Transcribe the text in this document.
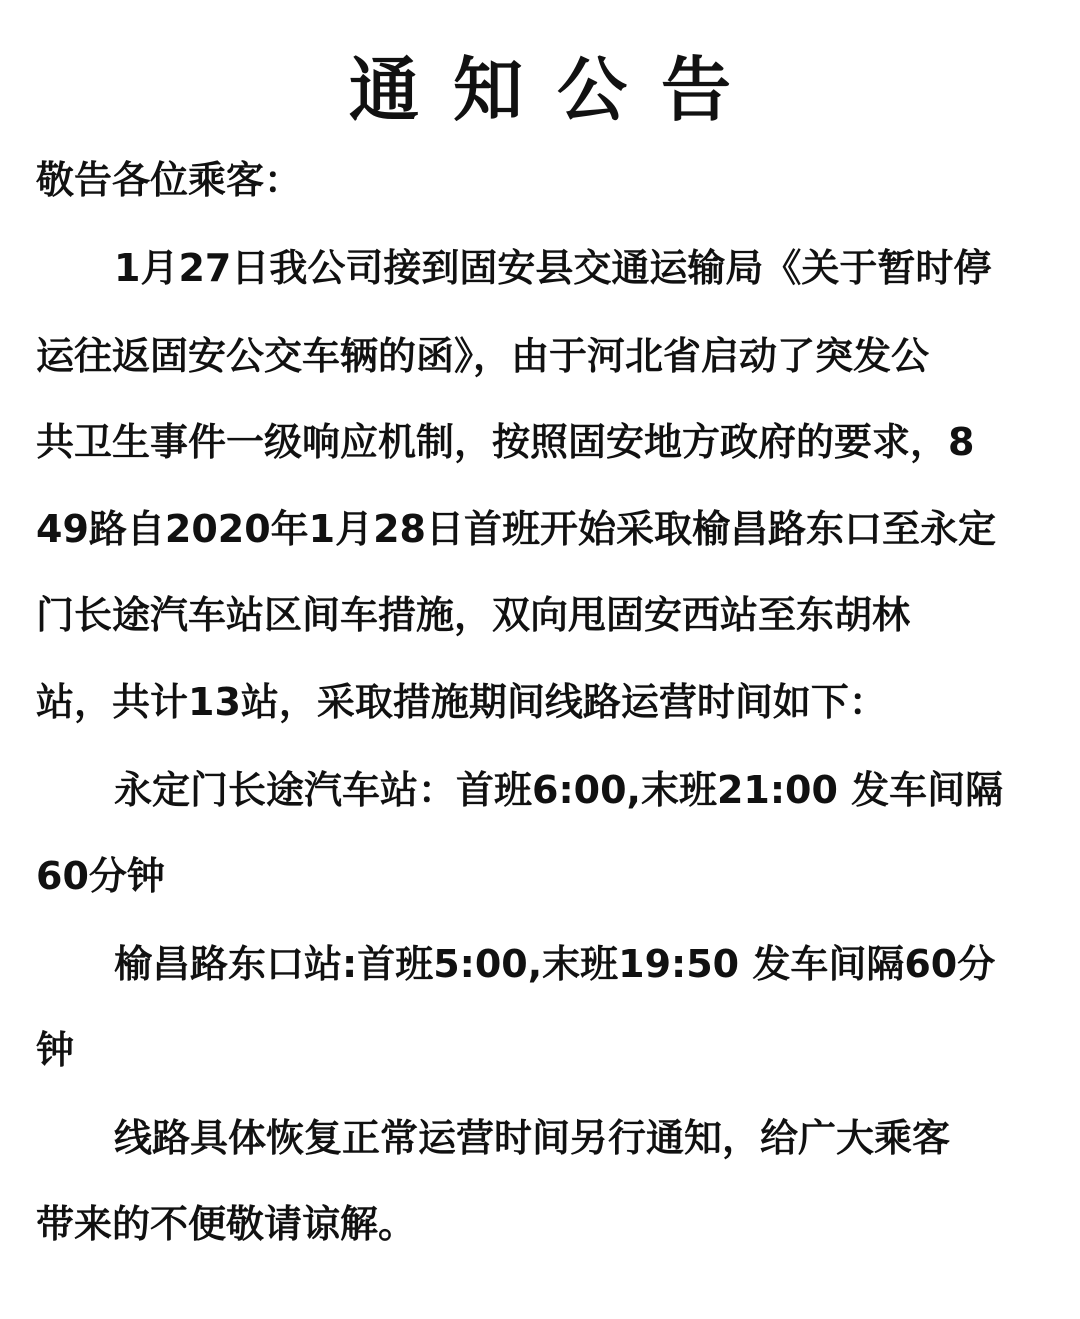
通知公告
敬告各位乘客：
1月27日我公司接到固安县交通运输局《关于暂时停
运往返固安公交车辆的函》，由于河北省启动了突发公
共卫生事件一级响应机制，按照固安地方政府的要求，8
49路自2020年1月28日首班开始采取榆昌路东口至永定
门长途汽车站区间车措施，双向甩固安西站至东胡林
站，共计13站，采取措施期间线路运营时间如下：
永定门长途汽车站：首班6:00,末班21:00 发车间隔
60分钟
榆昌路东口站:首班5:00,末班19:50 发车间隔60分
钟
线路具体恢复正常运营时间另行通知，给广大乘客
带来的不便敬请谅解。
